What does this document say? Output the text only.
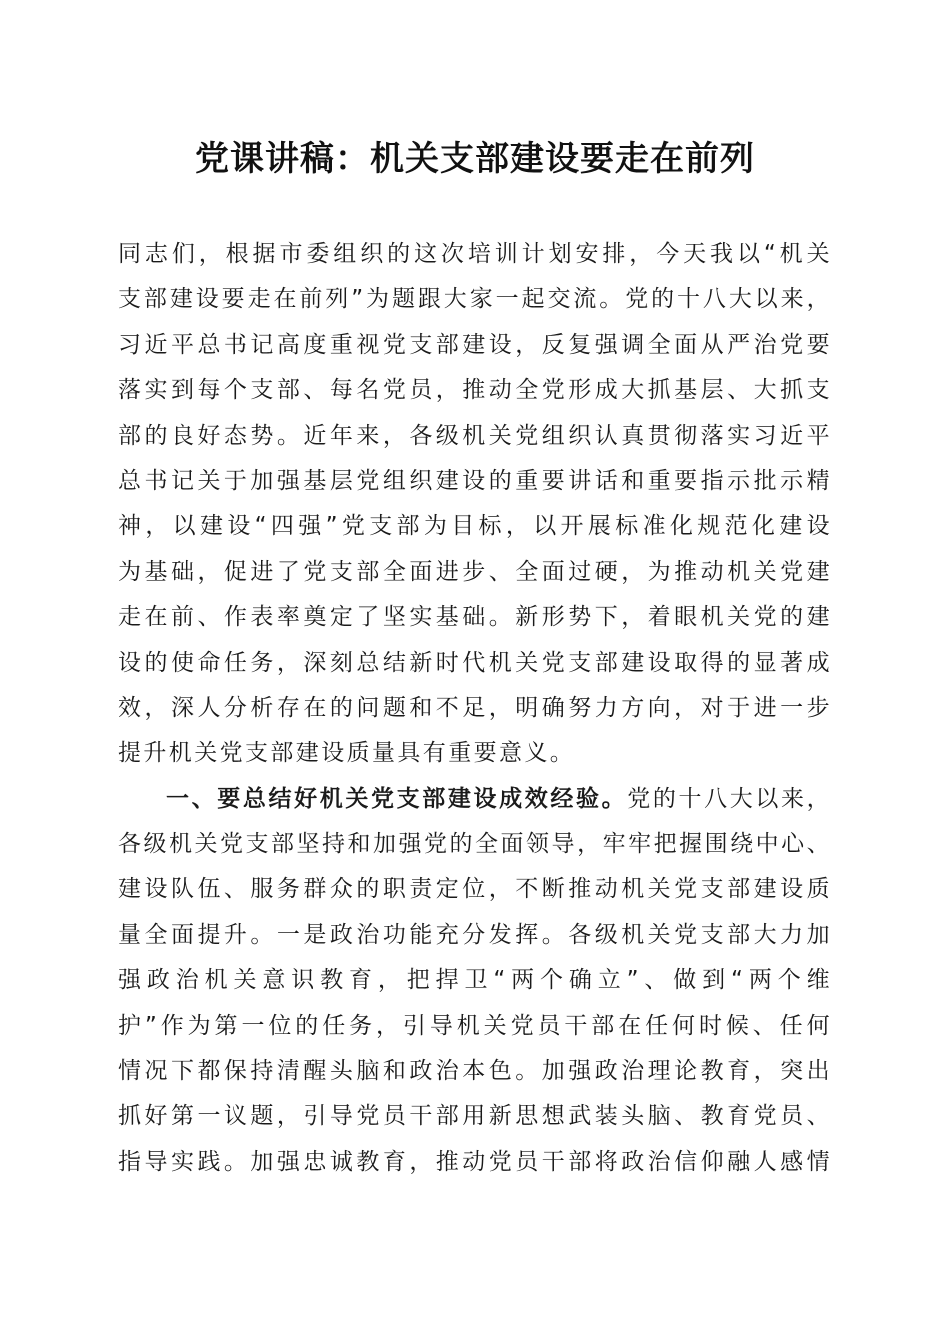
党课讲稿：机关支部建设要走在前列
同志们，根据市委组织的这次培训计划安排，今天我以“机关
支部建设要走在前列”为题跟大家一起交流。党的十八大以来，
习近平总书记高度重视党支部建设，反复强调全面从严治党要
落实到每个支部、每名党员，推动全党形成大抓基层、大抓支
部的良好态势。近年来，各级机关党组织认真贯彻落实习近平
总书记关于加强基层党组织建设的重要讲话和重要指示批示精
神，以建设“四强”党支部为目标，以开展标准化规范化建设
为基础，促进了党支部全面进步、全面过硬，为推动机关党建
走在前、作表率奠定了坚实基础。新形势下，着眼机关党的建
设的使命任务，深刻总结新时代机关党支部建设取得的显著成
效，深人分析存在的问题和不足，明确努力方向，对于进一步
提升机关党支部建设质量具有重要意义。
一、要总结好机关党支部建设成效经验。党的十八大以来，
各级机关党支部坚持和加强党的全面领导，牢牢把握围绕中心、
建设队伍、服务群众的职责定位，不断推动机关党支部建设质
量全面提升。一是政治功能充分发挥。各级机关党支部大力加
强政治机关意识教育，把捍卫“两个确立”、做到“两个维
护”作为第一位的任务，引导机关党员干部在任何时候、任何
情况下都保持清醒头脑和政治本色。加强政治理论教育，突出
抓好第一议题，引导党员干部用新思想武装头脑、教育党员、
指导实践。加强忠诚教育，推动党员干部将政治信仰融人感情
